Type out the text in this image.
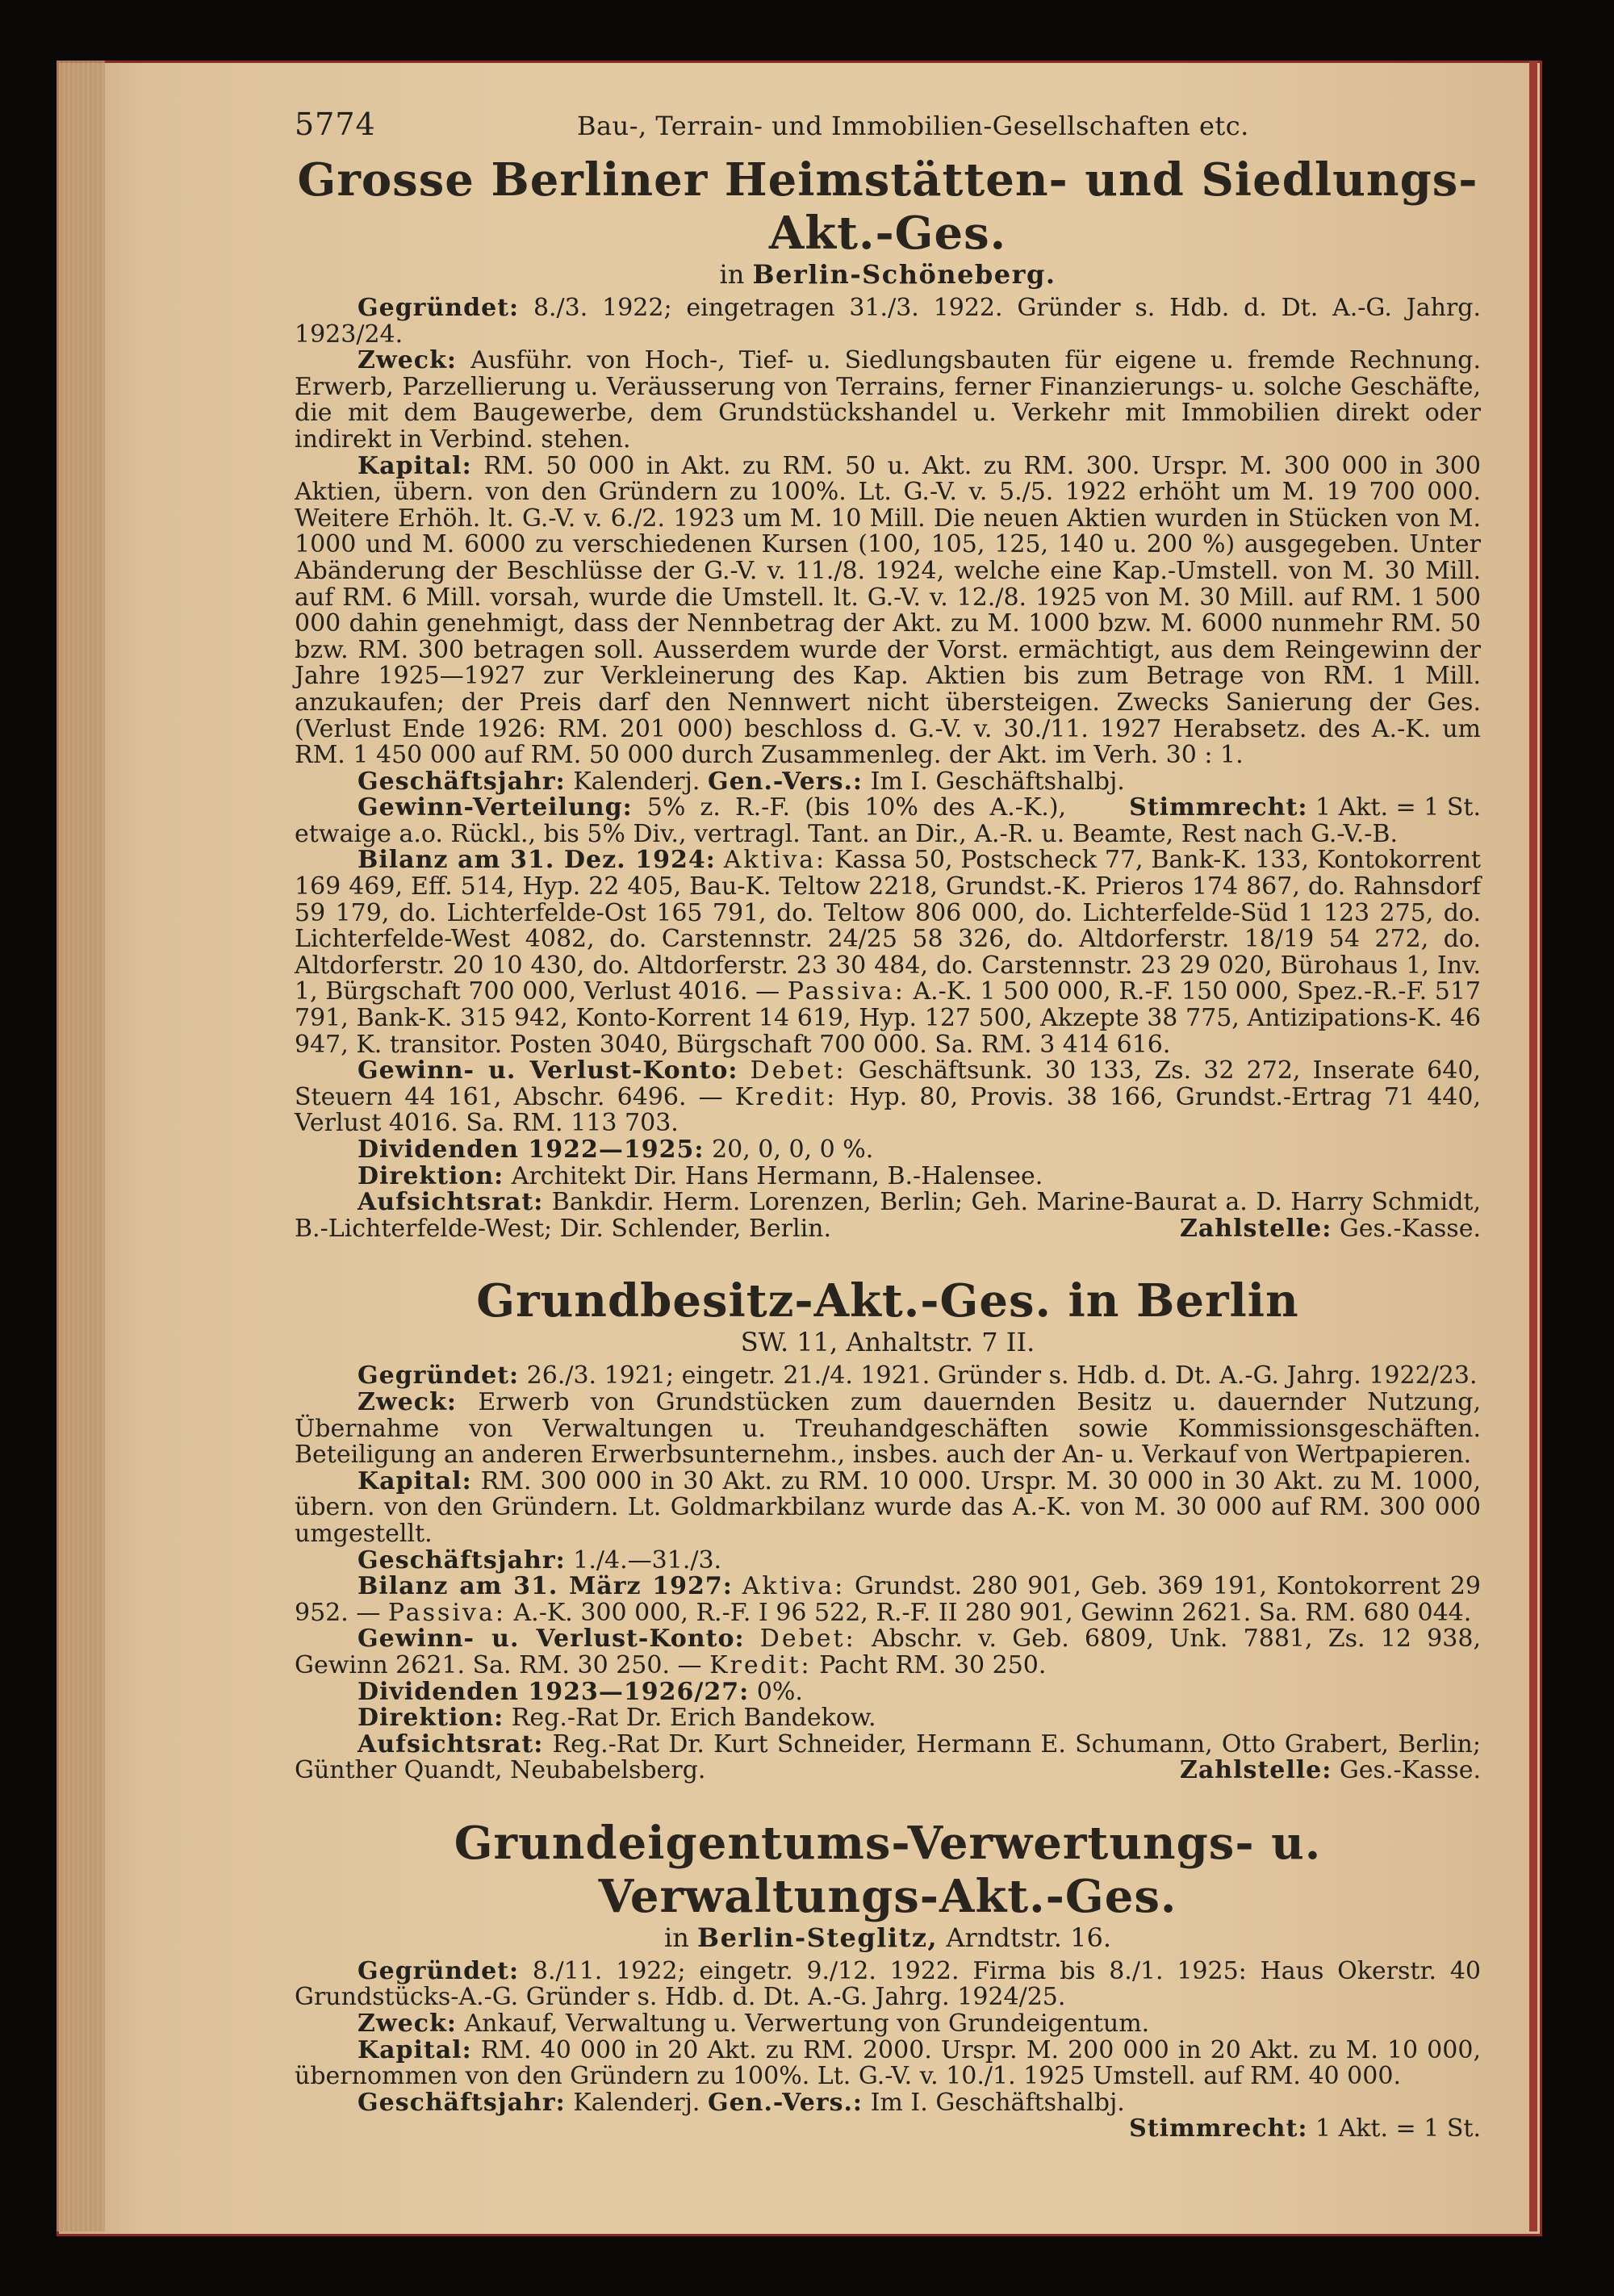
5774	Bau-, Terrain- und Immobilien-Gesellschaften etc.
Grosse Berliner Heimstätten- und Siedlungs-Akt.-Ges.

in Berlin-Schöneberg.

Gegründet: 8./3. 1922; eingetragen 31./3. 1922. Gründer s. Hdb. d. Dt. A.-G. Jahrg. 1923/24.

Zweck: Ausführ. von Hoch-, Tief- u. Siedlungsbauten für eigene u. fremde Rechnung. Erwerb, Parzellierung u. Veräusserung von Terrains, ferner Finanzierungs- u. solche Geschäfte, die mit dem Baugewerbe, dem Grundstückshandel u. Verkehr mit Immobilien direkt oder indirekt in Verbind. stehen.

Kapital: RM. 50 000 in Akt. zu RM. 50 u. Akt. zu RM. 300. Urspr. M. 300 000 in 300 Aktien, übern. von den Gründern zu 100%. Lt. G.-V. v. 5./5. 1922 erhöht um M. 19 700 000. Weitere Erhöh. lt. G.-V. v. 6./2. 1923 um M. 10 Mill. Die neuen Aktien wurden in Stücken von M. 1000 und M. 6000 zu verschiedenen Kursen (100, 105, 125, 140 u. 200 %) ausgegeben. Unter Abänderung der Beschlüsse der G.-V. v. 11./8. 1924, welche eine Kap.-Umstell. von M. 30 Mill. auf RM. 6 Mill. vorsah, wurde die Umstell. lt. G.-V. v. 12./8. 1925 von M. 30 Mill. auf RM. 1 500 000 dahin genehmigt, dass der Nennbetrag der Akt. zu M. 1000 bzw. M. 6000 nunmehr RM. 50 bzw. RM. 300 betragen soll. Ausserdem wurde der Vorst. ermächtigt, aus dem Reingewinn der Jahre 1925—1927 zur Verkleinerung des Kap. Aktien bis zum Betrage von RM. 1 Mill. anzukaufen; der Preis darf den Nennwert nicht übersteigen. Zwecks Sanierung der Ges. (Verlust Ende 1926: RM. 201 000) beschloss d. G.-V. v. 30./11. 1927 Herabsetz. des A.-K. um RM. 1 450 000 auf RM. 50 000 durch Zusammenleg. der Akt. im Verh. 30 : 1.

Geschäftsjahr: Kalenderj. Gen.-Vers.: Im I. Geschäftshalbj.
Stimmrecht: 1 Akt. = 1 St.

Gewinn-Verteilung: 5% z. R.-F. (bis 10% des A.-K.), etwaige a.o. Rückl., bis 5% Div., vertragl. Tant. an Dir., A.-R. u. Beamte, Rest nach G.-V.-B.

Bilanz am 31. Dez. 1924: Aktiva: Kassa 50, Postscheck 77, Bank-K. 133, Kontokorrent 169 469, Eff. 514, Hyp. 22 405, Bau-K. Teltow 2218, Grundst.-K. Prieros 174 867, do. Rahnsdorf 59 179, do. Lichterfelde-Ost 165 791, do. Teltow 806 000, do. Lichterfelde-Süd 1 123 275, do. Lichterfelde-West 4082, do. Carstennstr. 24/25 58 326, do. Altdorferstr. 18/19 54 272, do. Altdorferstr. 20 10 430, do. Altdorferstr. 23 30 484, do. Carstennstr. 23 29 020, Bürohaus 1, Inv. 1, Bürgschaft 700 000, Verlust 4016. — Passiva: A.-K. 1 500 000, R.-F. 150 000, Spez.-R.-F. 517 791, Bank-K. 315 942, Konto-Korrent 14 619, Hyp. 127 500, Akzepte 38 775, Antizipations-K. 46 947, K. transitor. Posten 3040, Bürgschaft 700 000. Sa. RM. 3 414 616.

Gewinn- u. Verlust-Konto: Debet: Geschäftsunk. 30 133, Zs. 32 272, Inserate 640, Steuern 44 161, Abschr. 6496. — Kredit: Hyp. 80, Provis. 38 166, Grundst.-Ertrag 71 440, Verlust 4016. Sa. RM. 113 703.

Dividenden 1922—1925: 20, 0, 0, 0 %.

Direktion: Architekt Dir. Hans Hermann, B.-Halensee.

Aufsichtsrat: Bankdir. Herm. Lorenzen, Berlin; Geh. Marine-Baurat a. D. Harry Schmidt, B.-Lichterfelde-West; Dir. Schlender, Berlin.	Zahlstelle: Ges.-Kasse.

Grundbesitz-Akt.-Ges. in Berlin

SW. 11, Anhaltstr. 7 II.

Gegründet: 26./3. 1921; eingetr. 21./4. 1921. Gründer s. Hdb. d. Dt. A.-G. Jahrg. 1922/23.

Zweck: Erwerb von Grundstücken zum dauernden Besitz u. dauernder Nutzung, Übernahme von Verwaltungen u. Treuhandgeschäften sowie Kommissionsgeschäften. Beteiligung an anderen Erwerbsunternehm., insbes. auch der An- u. Verkauf von Wertpapieren.

Kapital: RM. 300 000 in 30 Akt. zu RM. 10 000. Urspr. M. 30 000 in 30 Akt. zu M. 1000, übern. von den Gründern. Lt. Goldmarkbilanz wurde das A.-K. von M. 30 000 auf RM. 300 000 umgestellt.

Geschäftsjahr: 1./4.—31./3.

Bilanz am 31. März 1927: Aktiva: Grundst. 280 901, Geb. 369 191, Kontokorrent 29 952. — Passiva: A.-K. 300 000, R.-F. I 96 522, R.-F. II 280 901, Gewinn 2621. Sa. RM. 680 044.

Gewinn- u. Verlust-Konto: Debet: Abschr. v. Geb. 6809, Unk. 7881, Zs. 12 938, Gewinn 2621. Sa. RM. 30 250. — Kredit: Pacht RM. 30 250.

Dividenden 1923—1926/27: 0%.

Direktion: Reg.-Rat Dr. Erich Bandekow.

Aufsichtsrat: Reg.-Rat Dr. Kurt Schneider, Hermann E. Schumann, Otto Grabert, Berlin; Günther Quandt, Neubabelsberg.	Zahlstelle: Ges.-Kasse.

Grundeigentums-Verwertungs- u. Verwaltungs-Akt.-Ges.

in Berlin-Steglitz, Arndtstr. 16.

Gegründet: 8./11. 1922; eingetr. 9./12. 1922. Firma bis 8./1. 1925: Haus Okerstr. 40 Grundstücks-A.-G. Gründer s. Hdb. d. Dt. A.-G. Jahrg. 1924/25.

Zweck: Ankauf, Verwaltung u. Verwertung von Grundeigentum.

Kapital: RM. 40 000 in 20 Akt. zu RM. 2000. Urspr. M. 200 000 in 20 Akt. zu M. 10 000, übernommen von den Gründern zu 100%. Lt. G.-V. v. 10./1. 1925 Umstell. auf RM. 40 000.

Geschäftsjahr: Kalenderj. Gen.-Vers.: Im I. Geschäftshalbj.
Stimmrecht: 1 Akt. = 1 St.
